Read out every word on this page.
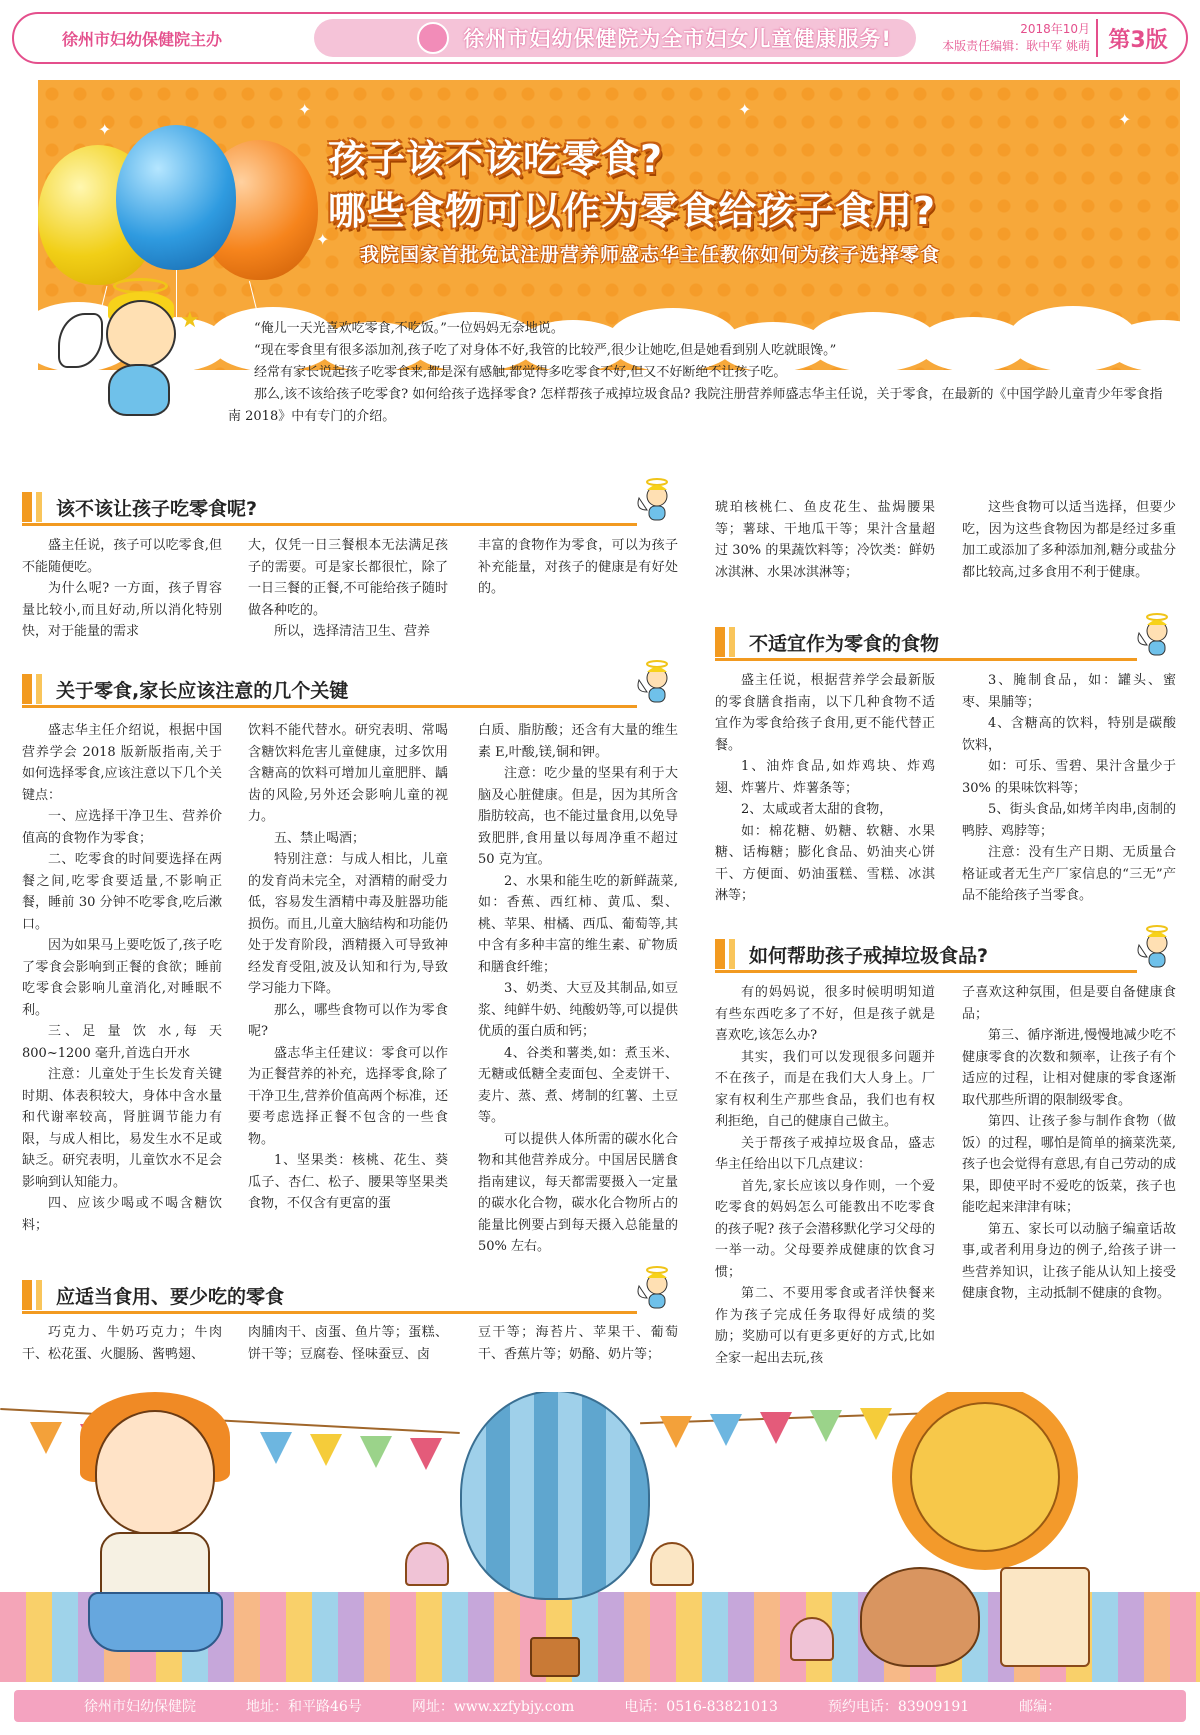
徐州市妇幼保健院主办	徐州市妇幼保健院为全市妇女儿童健康服务!	2018年10月
本版责任编辑：耿中军 姚萌 第3版
✦
✦
✦
✦
✦
孩子该不该吃零食?
哪些食物可以作为零食给孩子食用?
我院国家首批免试注册营养师盛志华主任教你如何为孩子选择零食
★	“俺儿一天光喜欢吃零食,不吃饭。”一位妈妈无奈地说。

“现在零食里有很多添加剂,孩子吃了对身体不好,我管的比较严,很少让她吃,但是她看到别人吃就眼馋。”

经常有家长说起孩子吃零食来,都是深有感触,都觉得多吃零食不好,但又不好断绝不让孩子吃。

那么,该不该给孩子吃零食? 如何给孩子选择零食? 怎样帮孩子戒掉垃圾食品? 我院注册营养师盛志华主任说，关于零食，在最新的《中国学龄儿童青少年零食指南 2018》中有专门的介绍。

该不该让孩子吃零食呢?

盛主任说，孩子可以吃零食,但不能随便吃。

为什么呢? 一方面，孩子胃容量比较小,而且好动,所以消化特别快，对于能量的需求

大，仅凭一日三餐根本无法满足孩子的需要。可是家长都很忙，除了一日三餐的正餐,不可能给孩子随时做各种吃的。

所以，选择清洁卫生、营养

丰富的食物作为零食，可以为孩子补充能量，对孩子的健康是有好处的。

关于零食,家长应该注意的几个关键

盛志华主任介绍说，根据中国营养学会 2018 版新版指南,关于如何选择零食,应该注意以下几个关键点：

一、应选择干净卫生、营养价值高的食物作为零食；

二、吃零食的时间要选择在两餐之间,吃零食要适量,不影响正餐，睡前 30 分钟不吃零食,吃后漱口。

因为如果马上要吃饭了,孩子吃了零食会影响到正餐的食欲；睡前吃零食会影响儿童消化,对睡眠不利。

三、足 量 饮 水,每 天 800~1200 毫升,首选白开水

注意：儿童处于生长发育关键时期、体表积较大，身体中含水量和代谢率较高，肾脏调节能力有限，与成人相比，易发生水不足或缺乏。研究表明，儿童饮水不足会影响到认知能力。

四、应该少喝或不喝含糖饮料；

饮料不能代替水。研究表明、常喝含糖饮料危害儿童健康，过多饮用含糖高的饮料可增加儿童肥胖、龋齿的风险,另外还会影响儿童的视力。

五、禁止喝酒；

特别注意：与成人相比，儿童的发育尚未完全，对酒精的耐受力低，容易发生酒精中毒及脏器功能损伤。而且,儿童大脑结构和功能仍处于发育阶段，酒精摄入可导致神经发育受阻,波及认知和行为,导致学习能力下降。

那么，哪些食物可以作为零食呢?

盛志华主任建议：零食可以作为正餐营养的补充，选择零食,除了干净卫生,营养价值高两个标准，还要考虑选择正餐不包含的一些食物。

1、坚果类：核桃、花生、葵瓜子、杏仁、松子、腰果等坚果类食物，不仅含有更富的蛋

白质、脂肪酸；还含有大量的维生素 E,叶酸,镁,铜和钾。

注意：吃少量的坚果有利于大脑及心脏健康。但是，因为其所含脂肪较高，也不能过量食用,以免导致肥胖,食用量以每周净重不超过 50 克为宜。

2、水果和能生吃的新鲜蔬菜,如：香蕉、西红柿、黄瓜、梨、桃、苹果、柑橘、西瓜、葡萄等,其中含有多种丰富的维生素、矿物质和膳食纤维；

3、奶类、大豆及其制品,如豆浆、纯鲜牛奶、纯酸奶等,可以提供优质的蛋白质和钙；

4、谷类和薯类,如：煮玉米、无糖或低糖全麦面包、全麦饼干、麦片、蒸、煮、烤制的红薯、土豆等。

可以提供人体所需的碳水化合物和其他营养成分。中国居民膳食指南建议，每天都需要摄入一定量的碳水化合物，碳水化合物所占的能量比例要占到每天摄入总能量的 50% 左右。

琥珀核桃仁、鱼皮花生、盐焗腰果等；薯球、干地瓜干等；果汁含量超过 30% 的果蔬饮料等；冷饮类：鲜奶冰淇淋、水果冰淇淋等；

这些食物可以适当选择，但要少吃，因为这些食物因为都是经过多重加工或添加了多种添加剂,糖分或盐分都比较高,过多食用不利于健康。

不适宜作为零食的食物

盛主任说，根据营养学会最新版的零食膳食指南，以下几种食物不适宜作为零食给孩子食用,更不能代替正餐。

1、油炸食品,如炸鸡块、炸鸡翅、炸薯片、炸薯条等；

2、太咸或者太甜的食物，

如：棉花糖、奶糖、软糖、水果糖、话梅糖；膨化食品、奶油夹心饼干、方便面、奶油蛋糕、雪糕、冰淇淋等；

3、腌制食品，如：罐头、蜜枣、果脯等；

4、含糖高的饮料，特别是碳酸饮料，

如：可乐、雪碧、果汁含量少于 30% 的果味饮料等；

5、街头食品,如烤羊肉串,卤制的鸭脖、鸡脖等；

注意：没有生产日期、无质量合格证或者无生产厂家信息的“三无”产品不能给孩子当零食。

如何帮助孩子戒掉垃圾食品?

有的妈妈说，很多时候明明知道有些东西吃多了不好，但是孩子就是喜欢吃,该怎么办?

其实，我们可以发现很多问题并不在孩子，而是在我们大人身上。厂家有权利生产那些食品，我们也有权利拒绝，自己的健康自己做主。

关于帮孩子戒掉垃圾食品，盛志华主任给出以下几点建议：

首先,家长应该以身作则，一个爱吃零食的妈妈怎么可能教出不吃零食的孩子呢? 孩子会潜移默化学习父母的一举一动。父母要养成健康的饮食习惯；

第二、不要用零食或者洋快餐来作为孩子完成任务取得好成绩的奖励；奖励可以有更多更好的方式,比如全家一起出去玩,孩

子喜欢这种氛围，但是要自备健康食品；

第三、循序渐进,慢慢地减少吃不健康零食的次数和频率，让孩子有个适应的过程，让相对健康的零食逐渐取代那些所谓的限制级零食。

第四、让孩子参与制作食物（做饭）的过程，哪怕是简单的摘菜洗菜,孩子也会觉得有意思,有自己劳动的成果，即使平时不爱吃的饭菜，孩子也能吃起来津津有味；

第五、家长可以动脑子编童话故事,或者利用身边的例子,给孩子讲一些营养知识，让孩子能从认知上接受健康食物，主动抵制不健康的食物。

应适当食用、要少吃的零食

巧克力、牛奶巧克力；牛肉干、松花蛋、火腿肠、酱鸭翅、

肉脯肉干、卤蛋、鱼片等；蛋糕、饼干等；豆腐卷、怪味蚕豆、卤

豆干等；海苔片、苹果干、葡萄干、香蕉片等；奶酪、奶片等；

徐州市妇幼保健院	地址：和平路46号	网址：www.xzfybjy.com	电话：0516-83821013	预约电话：83909191	邮编：
